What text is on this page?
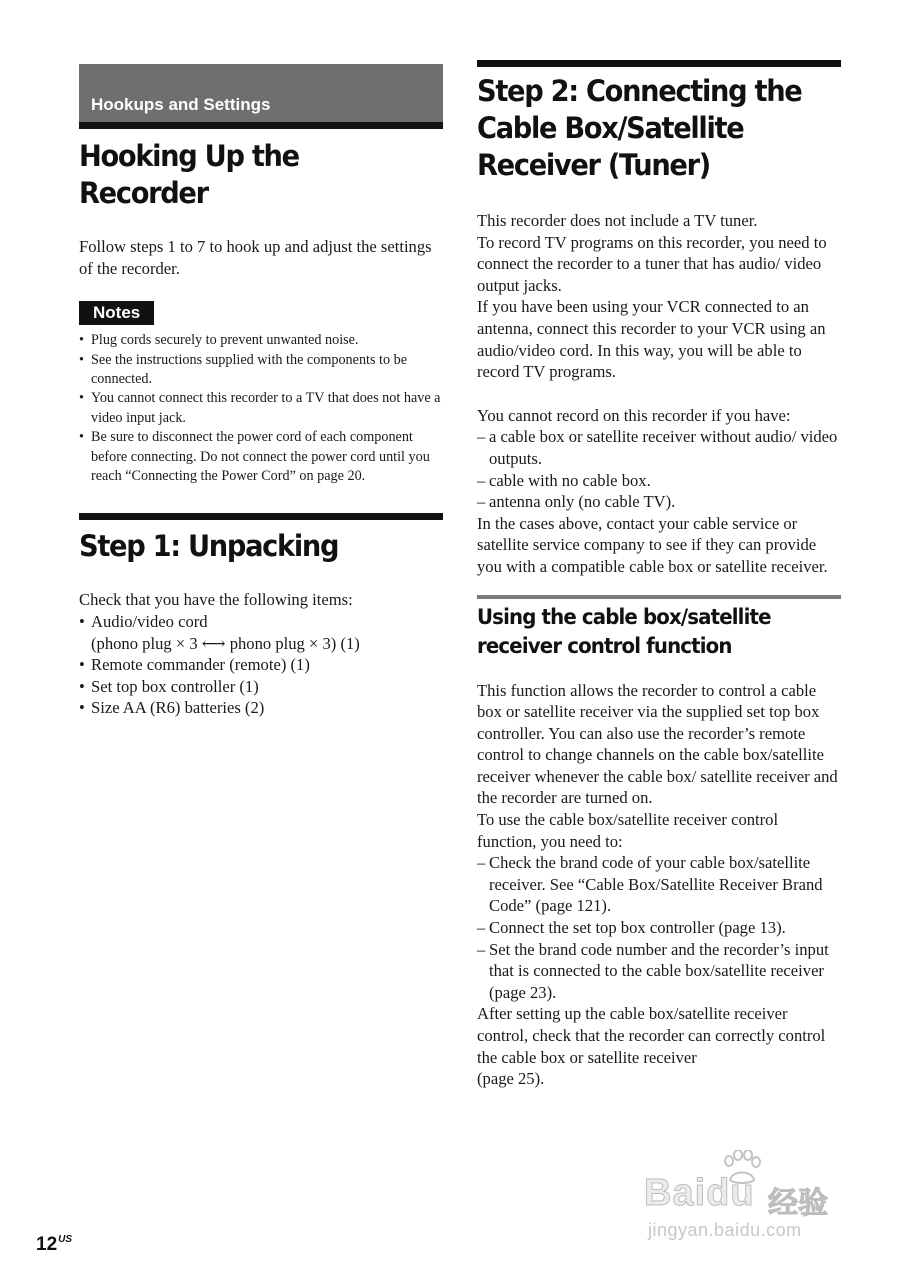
Hookups and Settings
Hooking Up the Recorder

Follow steps 1 to 7 to hook up and adjust the settings of the recorder.

Notes
• Plug cords securely to prevent unwanted noise.
• See the instructions supplied with the components to be connected.
• You cannot connect this recorder to a TV that does not have a video input jack.
• Be sure to disconnect the power cord of each component before connecting. Do not connect the power cord until you reach “Connecting the Power Cord” on page 20.
Step 1: Unpacking

Check that you have the following items:

• Audio/video cord
(phono plug × 3 ⟷ phono plug × 3) (1)
• Remote commander (remote) (1)
• Set top box controller (1)
• Size AA (R6) batteries (2)
Step 2: Connecting the
Cable Box/Satellite
Receiver (Tuner)

This recorder does not include a TV tuner.

To record TV programs on this recorder, you need to connect the recorder to a tuner that has audio/ video output jacks.

If you have been using your VCR connected to an antenna, connect this recorder to your VCR using an audio/video cord. In this way, you will be able to record TV programs.

You cannot record on this recorder if you have:

– a cable box or satellite receiver without audio/ video outputs.
– cable with no cable box.
– antenna only (no cable TV).

In the cases above, contact your cable service or satellite service company to see if they can provide you with a compatible cable box or satellite receiver.

Using the cable box/satellite
receiver control function

This function allows the recorder to control a cable box or satellite receiver via the supplied set top box controller. You can also use the recorder’s remote control to change channels on the cable box/satellite receiver whenever the cable box/ satellite receiver and the recorder are turned on.

To use the cable box/satellite receiver control function, you need to:

– Check the brand code of your cable box/satellite receiver. See “Cable Box/Satellite Receiver Brand Code” (page 121).
– Connect the set top box controller (page 13).
– Set the brand code number and the recorder’s input that is connected to the cable box/satellite receiver (page 23).

After setting up the cable box/satellite receiver control, check that the recorder can correctly control the cable box or satellite receiver
(page 25).

$12^{US}$
Baidu 经验
jingyan.baidu.com
